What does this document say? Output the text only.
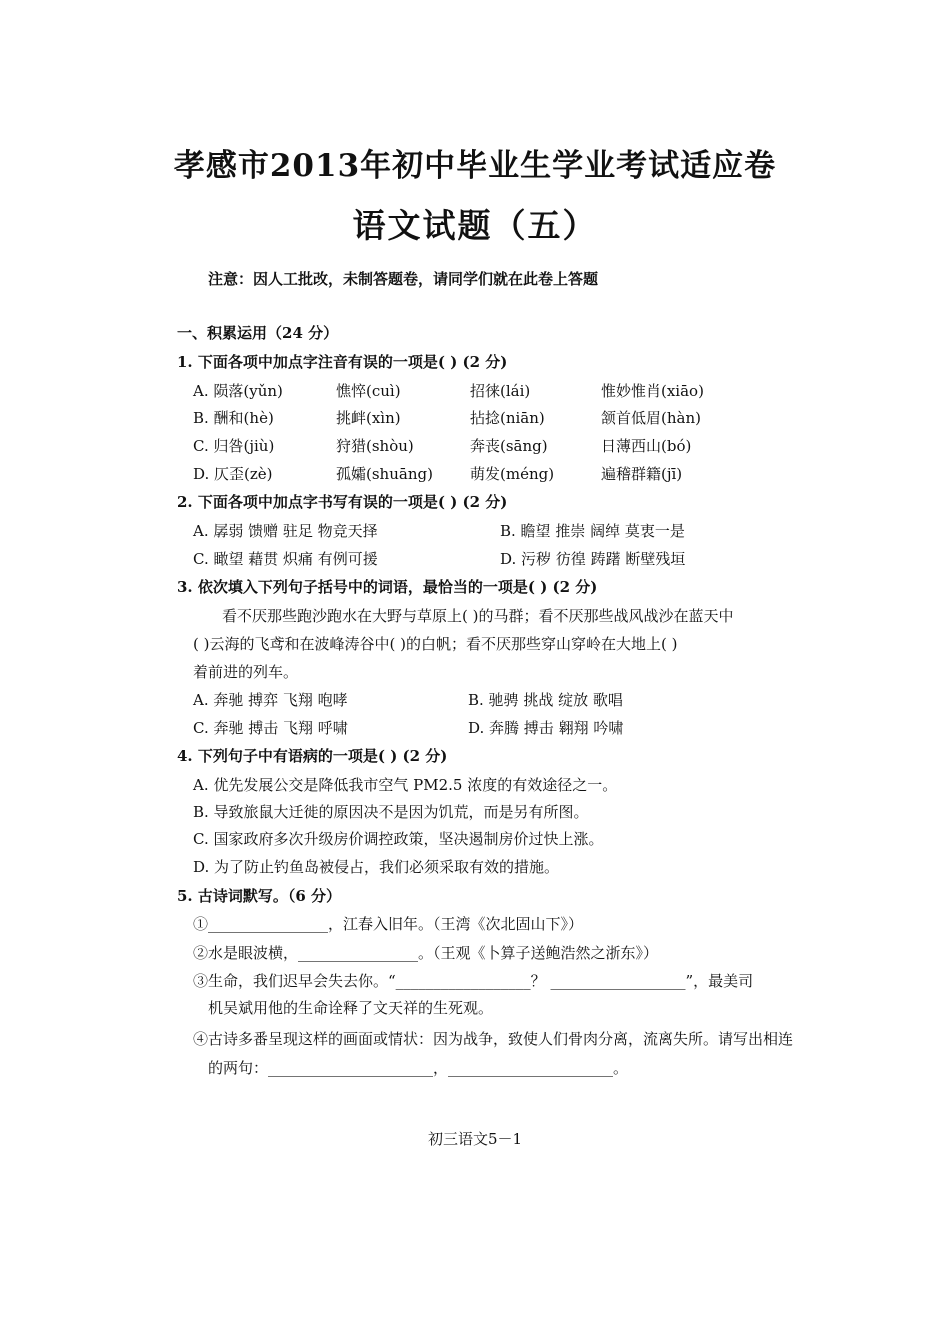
孝感市2013年初中毕业生学业考试适应卷
语文试题（五）
注意：因人工批改，未制答题卷，请同学们就在此卷上答题
一、积累运用（24 分）
1. 下面各项中加点字注音有误的一项是( ) (2 分)
A. 陨落(yǔn)	憔悴(cuì)	招徕(lái)	惟妙惟肖(xiāo)
B. 酬和(hè)	挑衅(xìn)	拈捻(niān)	颔首低眉(hàn)
C. 归咎(jiù)	狩猎(shòu)	奔丧(sāng)	日薄西山(bó)
D. 仄歪(zè)	孤孀(shuāng) 萌发(méng)	遍稽群籍(jī)
2. 下面各项中加点字书写有误的一项是( ) (2 分)
A. 孱弱 馈赠 驻足 物竞天择	B. 瞻望 推崇 阔绰 莫衷一是
C. 瞰望 藉贯 炽痛 有例可援	D. 污秽 彷徨 踌躇 断壁残垣
3. 依次填入下列句子括号中的词语，最恰当的一项是( ) (2 分)
看不厌那些跑沙跑水在大野与草原上( )的马群；看不厌那些战风战沙在蓝天中
( )云海的飞鸢和在波峰涛谷中( )的白帆；看不厌那些穿山穿岭在大地上( )
着前进的列车。
A. 奔驰 搏弈 飞翔 咆哮	B. 驰骋 挑战 绽放 歌唱
C. 奔驰 搏击 飞翔 呼啸	D. 奔腾 搏击 翱翔 吟啸
4. 下列句子中有语病的一项是( ) (2 分)
A. 优先发展公交是降低我市空气 PM2.5 浓度的有效途径之一。
B. 导致旅鼠大迁徙的原因决不是因为饥荒，而是另有所图。
C. 国家政府多次升级房价调控政策，坚决遏制房价过快上涨。
D. 为了防止钓鱼岛被侵占，我们必须采取有效的措施。
5. 古诗词默写。（6 分）
①________________，江春入旧年。（王湾《次北固山下》）
②水是眼波横，________________。（王观《卜算子送鲍浩然之浙东》）
③生命，我们迟早会失去你。“__________________？ __________________”，最美司
机吴斌用他的生命诠释了文天祥的生死观。
④古诗多番呈现这样的画面或情状：因为战争，致使人们骨肉分离，流离失所。请写出相连
的两句：______________________，______________________。
初三语文5－1
